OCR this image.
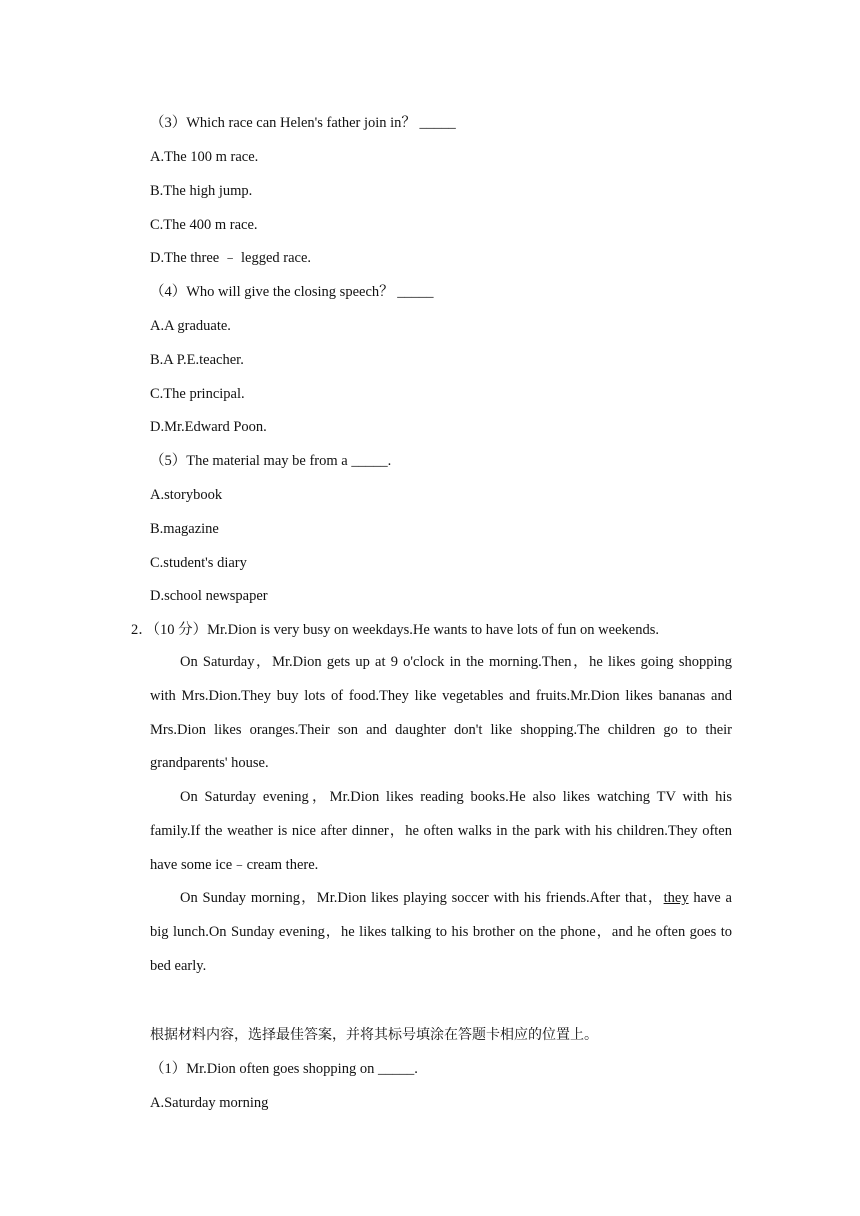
（3）Which race can Helen's father join in？ _____
A.The 100 m race.
B.The high jump.
C.The 400 m race.
D.The three ﹣ legged race.
（4）Who will give the closing speech？ _____
A.A graduate.
B.A P.E.teacher.
C.The principal.
D.Mr.Edward Poon.
（5）The material may be from a _____.
A.storybook
B.magazine
C.student's diary
D.school newspaper
2．（10 分）Mr.Dion is very busy on weekdays.He wants to have lots of fun on weekends.
On Saturday，Mr.Dion gets up at 9 o'clock in the morning.Then，he likes going shopping with Mrs.Dion.They buy lots of food.They like vegetables and fruits.Mr.Dion likes bananas and Mrs.Dion likes oranges.Their son and daughter don't like shopping.The children go to their grandparents' house.
On Saturday evening，Mr.Dion likes reading books.He also likes watching TV with his family.If the weather is nice after dinner，he often walks in the park with his children.They often have some ice﹣cream there.
On Sunday morning，Mr.Dion likes playing soccer with his friends.After that，they have a big lunch.On Sunday evening，he likes talking to his brother on the phone，and he often goes to bed early.
根据材料内容，选择最佳答案，并将其标号填涂在答题卡相应的位置上。
（1）Mr.Dion often goes shopping on _____.
A.Saturday morning
